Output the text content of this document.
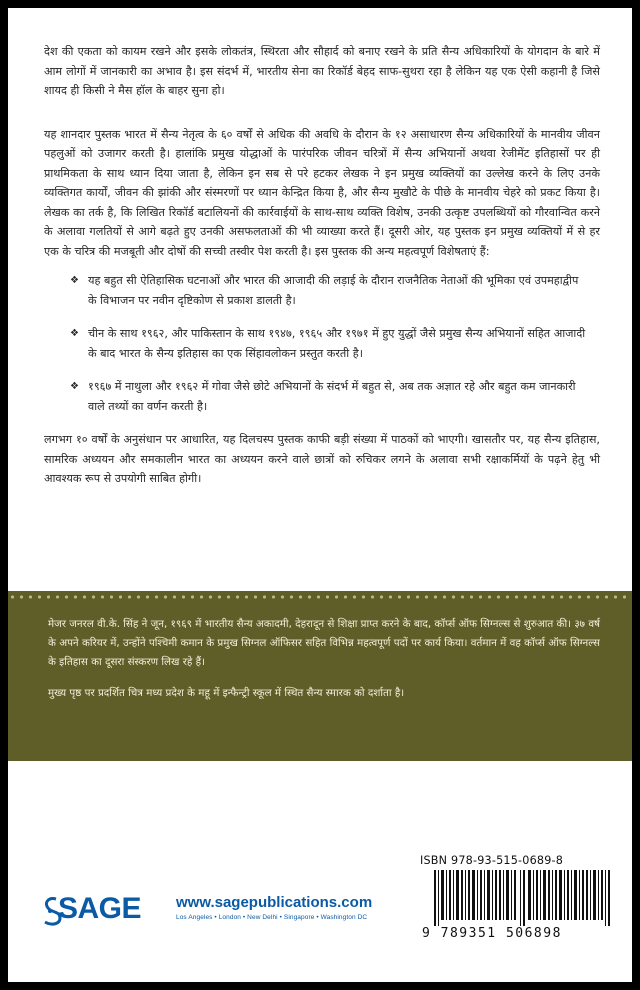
देश की एकता को कायम रखने और इसके लोकतंत्र, स्थिरता और सौहार्द को बनाए रखने के प्रति सैन्य अधिकारियों के योगदान के बारे में आम लोगों में जानकारी का अभाव है। इस संदर्भ में, भारतीय सेना का रिकॉर्ड बेहद साफ-सुथरा रहा है लेकिन यह एक ऐसी कहानी है जिसे शायद ही किसी ने मैस हॉल के बाहर सुना हो।

यह शानदार पुस्तक भारत में सैन्य नेतृत्व के ६० वर्षों से अधिक की अवधि के दौरान के १२ असाधारण सैन्य अधिकारियों के मानवीय जीवन पहलुओं को उजागर करती है। हालांकि प्रमुख योद्धाओं के पारंपरिक जीवन चरित्रों में सैन्य अभियानों अथवा रेजीमेंट इतिहासों पर ही प्राथमिकता के साथ ध्यान दिया जाता है, लेकिन इन सब से परे हटकर लेखक ने इन प्रमुख व्यक्तियों का उल्लेख करने के लिए उनके व्यक्तिगत कार्यों, जीवन की झांकी और संस्मरणों पर ध्यान केन्द्रित किया है, और सैन्य मुखौटे के पीछे के मानवीय चेहरे को प्रकट किया है। लेखक का तर्क है, कि लिखित रिकॉर्ड बटालियनों की कार्रवाईयों के साथ-साथ व्यक्ति विशेष, उनकी उत्कृष्ट उपलब्धियों को गौरवान्वित करने के अलावा गलतियों से आगे बढ़ते हुए उनकी असफलताओं की भी व्याख्या करते हैं। दूसरी ओर, यह पुस्तक इन प्रमुख व्यक्तियों में से हर एक के चरित्र की मजबूती और दोषों की सच्ची तस्वीर पेश करती है। इस पुस्तक की अन्य महत्वपूर्ण विशेषताएं हैं:

❖ यह बहुत सी ऐतिहासिक घटनाओं और भारत की आजादी की लड़ाई के दौरान राजनैतिक नेताओं की भूमिका एवं उपमहाद्वीप के विभाजन पर नवीन दृष्टिकोण से प्रकाश डालती है।
❖ चीन के साथ १९६२, और पाकिस्तान के साथ १९४७, १९६५ और १९७१ में हुए युद्धों जैसे प्रमुख सैन्य अभियानों सहित आजादी के बाद भारत के सैन्य इतिहास का एक सिंहावलोकन प्रस्तुत करती है।
❖ १९६७ में नाथुला और १९६२ में गोवा जैसे छोटे अभियानों के संदर्भ में बहुत से, अब तक अज्ञात रहे और बहुत कम जानकारी वाले तथ्यों का वर्णन करती है।

लगभग १० वर्षों के अनुसंधान पर आधारित, यह दिलचस्प पुस्तक काफी बड़ी संख्या में पाठकों को भाएगी। खासतौर पर, यह सैन्य इतिहास, सामरिक अध्ययन और समकालीन भारत का अध्ययन करने वाले छात्रों को रुचिकर लगने के अलावा सभी रक्षाकर्मियों के पढ़ने हेतु भी आवश्यक रूप से उपयोगी साबित होगी।

मेजर जनरल वी.के. सिंह ने जून, १९६९ में भारतीय सैन्य अकादमी, देहरादून से शिक्षा प्राप्त करने के बाद, कॉर्प्स ऑफ सिग्नल्स से शुरुआत की। ३७ वर्ष के अपने करियर में, उन्होंने पश्चिमी कमान के प्रमुख सिग्नल ऑफिसर सहित विभिन्न महत्वपूर्ण पदों पर कार्य किया। वर्तमान में वह कॉर्प्स ऑफ सिग्नल्स के इतिहास का दूसरा संस्करण लिख रहे हैं।

मुख्य पृष्ठ पर प्रदर्शित चित्र मध्य प्रदेश के महू में इन्फैन्ट्री स्कूल में स्थित सैन्य स्मारक को दर्शाता है।

ISBN 978-93-515-0689-8
9 789351 506898
SAGE www.sagepublications.com
Los Angeles • London • New Delhi • Singapore • Washington DC
